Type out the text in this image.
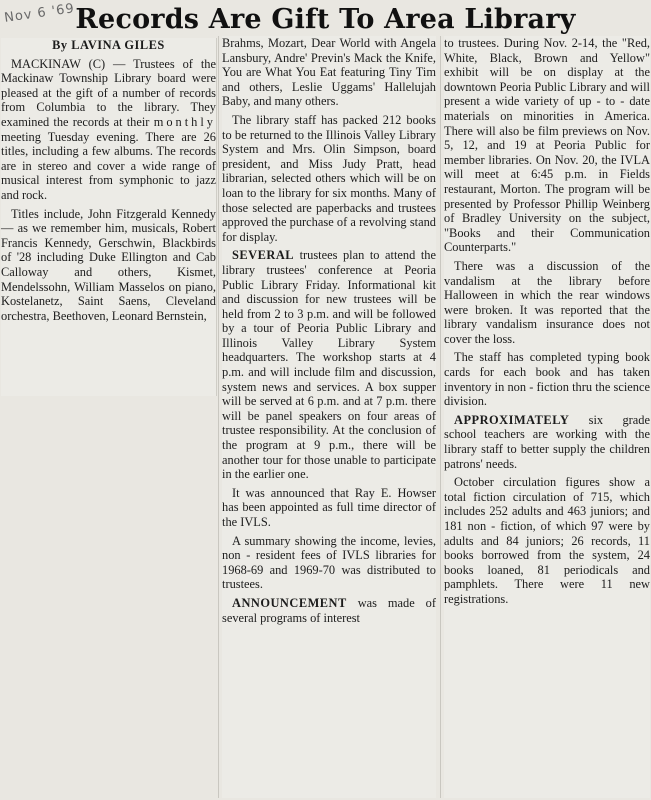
Nov 6 '69 Records Are Gift To Area Library

By LAVINA GILES

MACKINAW (C) — Trustees of the Mackinaw Township Library board were pleased at the gift of a number of records from Columbia to the library. They examined the records at their monthly meeting Tuesday evening. There are 26 titles, including a few albums. The records are in stereo and cover a wide range of musical interest from symphonic to jazz and rock.

Titles include, John Fitzgerald Kennedy — as we remember him, musicals, Robert Francis Kennedy, Gerschwin, Blackbirds of '28 including Duke Ellington and Cab Calloway and others, Kismet, Mendelssohn, William Masselos on piano, Kostelanetz, Saint Saens, Cleveland orchestra, Beethoven, Leonard Bernstein,

Brahms, Mozart, Dear World with Angela Lansbury, Andre' Previn's Mack the Knife, You are What You Eat featuring Tiny Tim and others, Leslie Uggams' Hallelujah Baby, and many others.

The library staff has packed 212 books to be returned to the Illinois Valley Library System and Mrs. Olin Simpson, board president, and Miss Judy Pratt, head librarian, selected others which will be on loan to the library for six months. Many of those selected are paperbacks and trustees approved the purchase of a revolving stand for display.

SEVERAL trustees plan to attend the library trustees' conference at Peoria Public Library Friday. Informational kit and discussion for new trustees will be held from 2 to 3 p.m. and will be followed by a tour of Peoria Public Library and Illinois Valley Library System headquarters. The workshop starts at 4 p.m. and will include film and discussion, system news and services. A box supper will be served at 6 p.m. and at 7 p.m. there will be panel speakers on four areas of trustee responsibility. At the conclusion of the program at 9 p.m., there will be another tour for those unable to participate in the earlier one.

It was announced that Ray E. Howser has been appointed as full time director of the IVLS.

A summary showing the income, levies, non - resident fees of IVLS libraries for 1968-69 and 1969-70 was distributed to trustees.

ANNOUNCEMENT was made of several programs of interest

to trustees. During Nov. 2-14, the "Red, White, Black, Brown and Yellow" exhibit will be on display at the downtown Peoria Public Library and will present a wide variety of up - to - date materials on minorities in America. There will also be film previews on Nov. 5, 12, and 19 at Peoria Public for member libraries. On Nov. 20, the IVLA will meet at 6:45 p.m. in Fields restaurant, Morton. The program will be presented by Professor Phillip Weinberg of Bradley University on the subject, "Books and their Communication Counterparts."

There was a discussion of the vandalism at the library before Halloween in which the rear windows were broken. It was reported that the library vandalism insurance does not cover the loss.

The staff has completed typing book cards for each book and has taken inventory in non - fiction thru the science division.

APPROXIMATELY six grade school teachers are working with the library staff to better supply the children patrons' needs.

October circulation figures show a total fiction circulation of 715, which includes 252 adults and 463 juniors; and 181 non - fiction, of which 97 were by adults and 84 juniors; 26 records, 11 books borrowed from the system, 24 books loaned, 81 periodicals and pamphlets. There were 11 new registrations.
